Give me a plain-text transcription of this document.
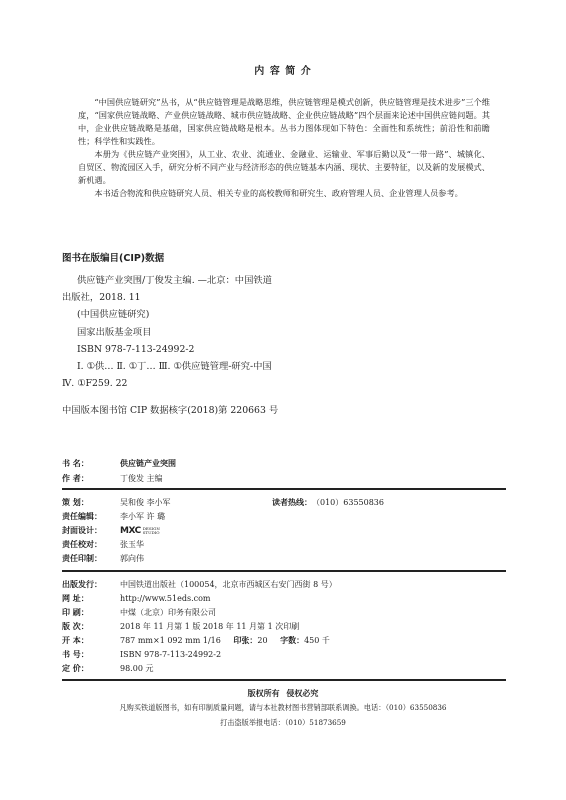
内 容 简 介

“中国供应链研究”丛书，从“供应链管理是战略思维，供应链管理是模式创新，供应链管理是技术进步”三个维度，“国家供应链战略、产业供应链战略、城市供应链战略、企业供应链战略”四个层面来论述中国供应链问题。其中，企业供应链战略是基础，国家供应链战略是根本。丛书力图体现如下特色：全面性和系统性；前沿性和前瞻性；科学性和实践性。

本册为《供应链产业突围》，从工业、农业、流通业、金融业、运输业、军事后勤以及“一带一路”、城镇化、自贸区、物流园区入手，研究分析不同产业与经济形态的供应链基本内涵、现状、主要特征，以及新的发展模式、新机遇。

本书适合物流和供应链研究人员、相关专业的高校教师和研究生、政府管理人员、企业管理人员参考。

图书在版编目(CIP)数据
供应链产业突围/丁俊发主编. —北京：中国铁道
出版社，2018. 11
(中国供应链研究)
国家出版基金项目
ISBN 978-7-113-24992-2
Ⅰ. ①供… Ⅱ. ①丁… Ⅲ. ①供应链管理-研究-中国
Ⅳ. ①F259. 22
中国版本图书馆 CIP 数据核字(2018)第 220663 号
书 名：	供应链产业突围
作 者：	丁俊发 主编
策 划：	吴和俊 李小军	读者热线：（010）63550836
责任编辑： 李小军 许 璐
封面设计： MXC DESIGN
STUDIO
责任校对： 张玉华
责任印制： 郭向伟
出版发行： 中国铁道出版社（100054，北京市西城区右安门西街 8 号）
网 址：	http://www.51eds.com
印 刷：	中煤（北京）印务有限公司
版 次：	2018 年 11 月第 1 版 2018 年 11 月第 1 次印刷
开 本：	787 mm×1 092 mm 1/16 印张：20 字数：450 千
书 号：	ISBN 978-7-113-24992-2
定 价：	98.00 元
版权所有 侵权必究
凡购买铁道版图书，如有印制质量问题，请与本社教材图书营销部联系调换。电话：（010）63550836
打击盗版举报电话：（010）51873659
